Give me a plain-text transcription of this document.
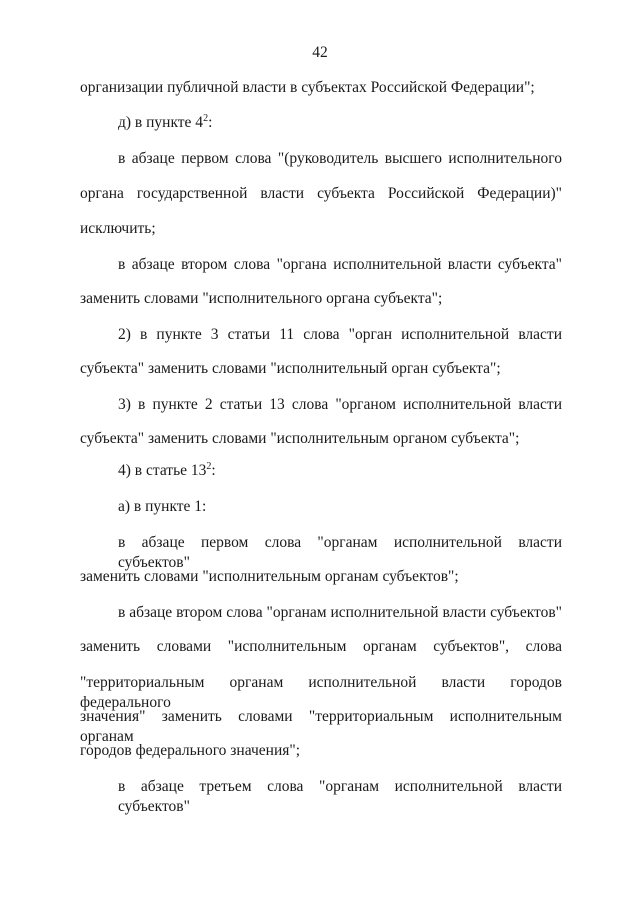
42
организации публичной власти в субъектах Российской Федерации";
д) в пункте $4^2$:
в абзаце первом слова "(руководитель высшего исполнительного
органа государственной власти субъекта Российской Федерации)"
исключить;
в абзаце втором слова "органа исполнительной власти субъекта"
заменить словами "исполнительного органа субъекта";
2) в пункте 3 статьи 11 слова "орган исполнительной власти
субъекта" заменить словами "исполнительный орган субъекта";
3) в пункте 2 статьи 13 слова "органом исполнительной власти
субъекта" заменить словами "исполнительным органом субъекта";
4) в статье $13^2$:
а) в пункте 1:
в абзаце первом слова "органам исполнительной власти субъектов"
заменить словами "исполнительным органам субъектов";
в абзаце втором слова "органам исполнительной власти субъектов"
заменить словами "исполнительным органам субъектов", слова
"территориальным органам исполнительной власти городов федерального
значения" заменить словами "территориальным исполнительным органам
городов федерального значения";
в абзаце третьем слова "органам исполнительной власти субъектов"
